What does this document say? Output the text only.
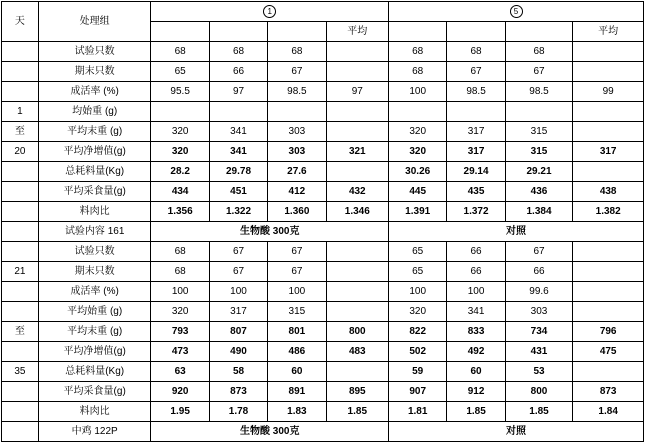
天	处理组	1				5			
					平均				平均
	试验只数	68	68	68		68	68	68	
	期末只数	65	66	67		68	67	67	
	成活率 (%)	95.5	97	98.5	97	100	98.5	98.5	99
1	均始重 (g)								
至	平均末重 (g)	320	341	303		320	317	315	
20	平均净增值(g)	320	341	303	321	320	317	315	317
	总耗料量(Kg)	28.2	29.78	27.6		30.26	29.14	29.21	
	平均采食量(g)	434	451	412	432	445	435	436	438
	料肉比	1.356	1.322	1.360	1.346	1.391	1.372	1.384	1.382
	试验内容 161	生物酸 300克				对照			
	试验只数	68	67	67		65	66	67	
21	期末只数	68	67	67		65	66	66	
	成活率 (%)	100	100	100		100	100	99.6	
	平均始重 (g)	320	317	315		320	341	303	
至	平均末重 (g)	793	807	801	800	822	833	734	796
	平均净增值(g)	473	490	486	483	502	492	431	475
35	总耗料量(Kg)	63	58	60		59	60	53	
	平均采食量(g)	920	873	891	895	907	912	800	873
	料肉比	1.95	1.78	1.83	1.85	1.81	1.85	1.85	1.84
	中鸡 122P	生物酸 300克				对照			
